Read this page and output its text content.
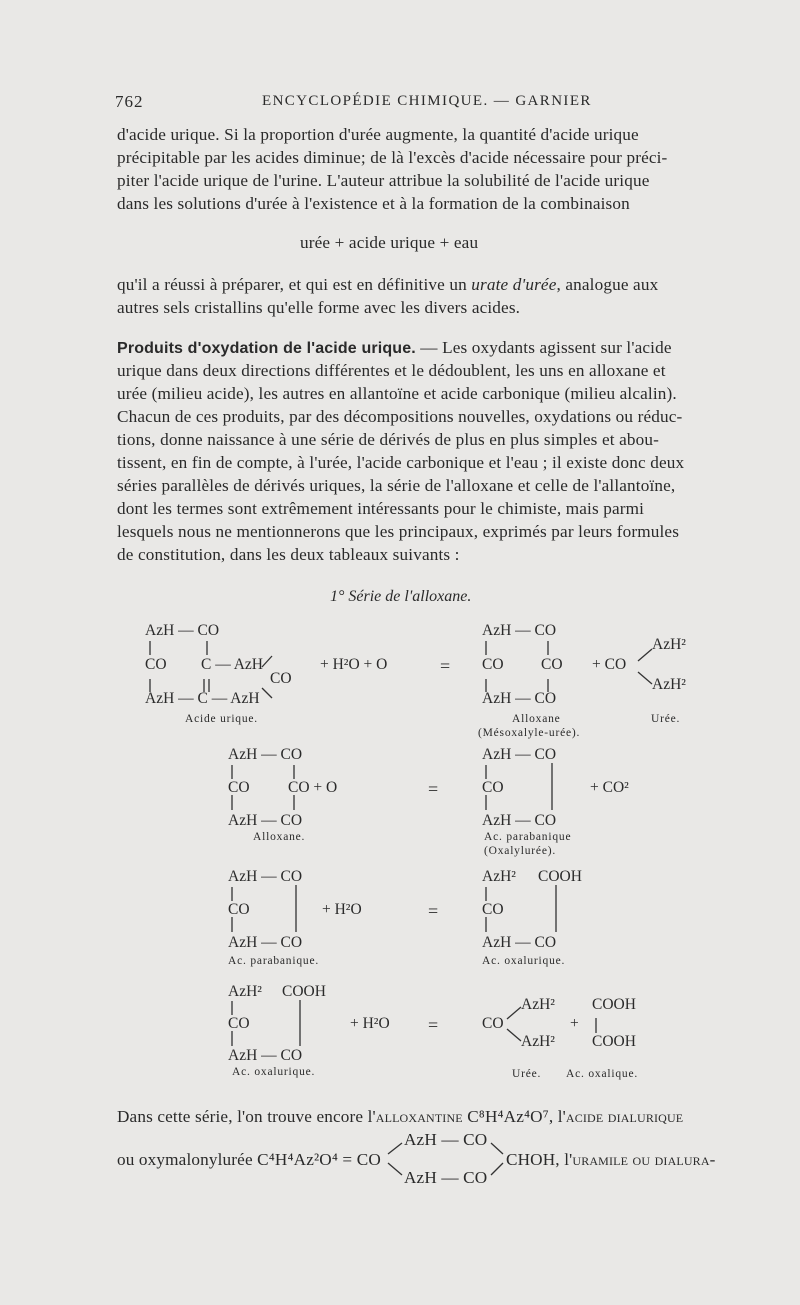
762	ENCYCLOPÉDIE CHIMIQUE. — GARNIER
d'acide urique. Si la proportion d'urée augmente, la quantité d'acide urique
précipitable par les acides diminue; de là l'excès d'acide nécessaire pour préci-
piter l'acide urique de l'urine. L'auteur attribue la solubilité de l'acide urique
dans les solutions d'urée à l'existence et à la formation de la combinaison
urée + acide urique + eau
qu'il a réussi à préparer, et qui est en définitive un urate d'urée, analogue aux
autres sels cristallins qu'elle forme avec les divers acides.
Produits d'oxydation de l'acide urique. — Les oxydants agissent sur l'acide
urique dans deux directions différentes et le dédoublent, les uns en alloxane et
urée (milieu acide), les autres en allantoïne et acide carbonique (milieu alcalin).
Chacun de ces produits, par des décompositions nouvelles, oxydations ou réduc-
tions, donne naissance à une série de dérivés de plus en plus simples et abou-
tissent, en fin de compte, à l'urée, l'acide carbonique et l'eau ; il existe donc deux
séries parallèles de dérivés uriques, la série de l'alloxane et celle de l'allantoïne,
dont les termes sont extrêmement intéressants pour le chimiste, mais parmi
lesquels nous ne mentionnerons que les principaux, exprimés par leurs formules
de constitution, dans les deux tableaux suivants :
1° Série de l'alloxane.
AzH — CO
CO C — AzH
CO
AzH — C — AzH
Acide urique.
+ H²O + O	=
AzH — CO
CO CO
AzH — CO
Alloxane
(Mésoxalyle-urée).
+ CO
AzH²
AzH²
Urée.
AzH — CO
CO CO + O
AzH — CO
Alloxane.
=
AzH — CO
CO
AzH — CO
Ac. parabanique
(Oxalylurée).
+ CO²
AzH — CO
CO
AzH — CO
Ac. parabanique.
+ H²O	=
AzH² COOH
CO
AzH — CO
Ac. oxalurique.
AzH² COOH
CO
AzH — CO
Ac. oxalurique.
+ H²O =	CO
AzH²
AzH²
COOH
+
COOH
Urée. Ac. oxalique.
Dans cette série, l'on trouve encore l'alloxantine C⁸H⁴Az⁴O⁷, l'acide dialurique
ou oxymalonylurée C⁴H⁴Az²O⁴ = CO
AzH — CO
AzH — CO
CHOH, l'uramile ou dialura-
